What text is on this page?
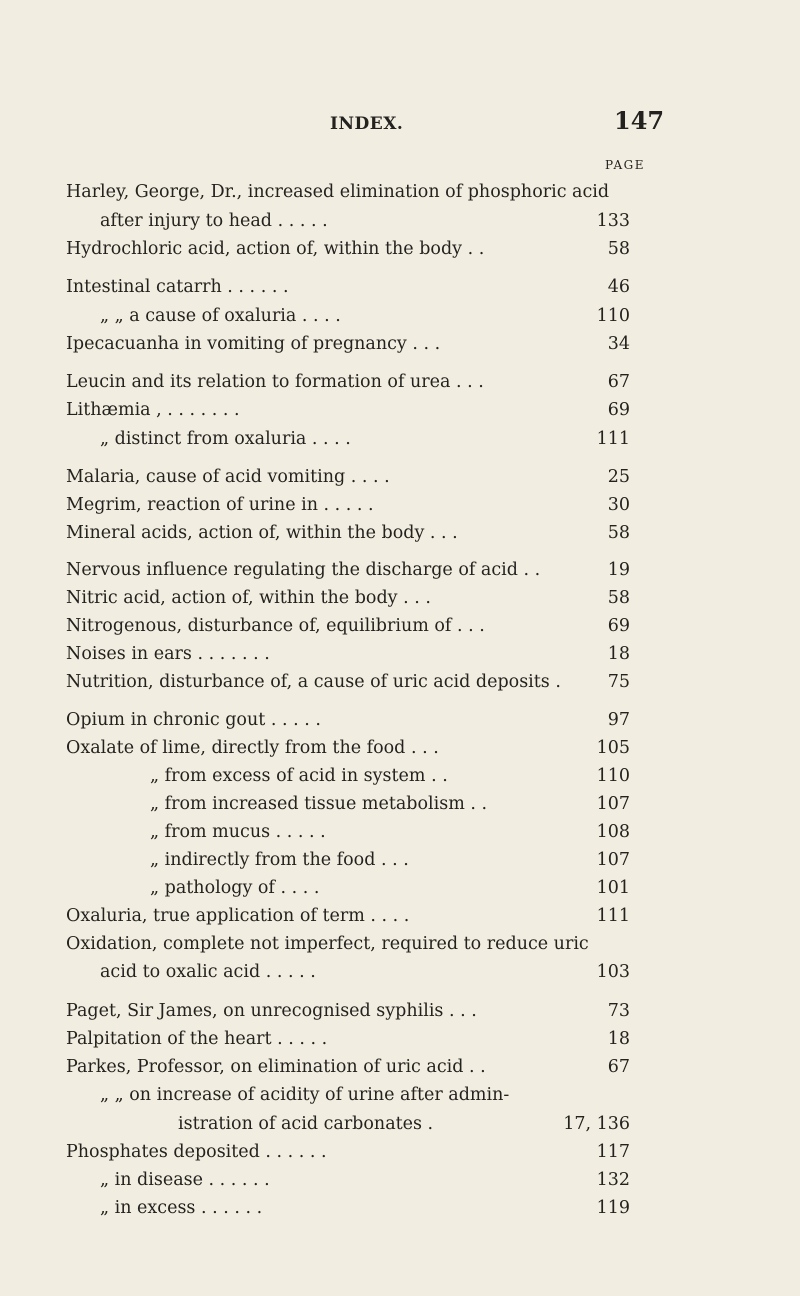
INDEX.	147
PAGE
Harley, George, Dr., increased elimination of phosphoric acid
after injury to head . . . . .	133
Hydrochloric acid, action of, within the body . .	58
Intestinal catarrh . . . . . .	46
„ „ a cause of oxaluria . . . .	110
Ipecacuanha in vomiting of pregnancy . . .	34
Leucin and its relation to formation of urea . . .	67
Lithæmia , . . . . . . .	69
„ distinct from oxaluria . . . .	111
Malaria, cause of acid vomiting . . . .	25
Megrim, reaction of urine in . . . . .	30
Mineral acids, action of, within the body . . .	58
Nervous influence regulating the discharge of acid . .	19
Nitric acid, action of, within the body . . .	58
Nitrogenous, disturbance of, equilibrium of . . .	69
Noises in ears . . . . . . .	18
Nutrition, disturbance of, a cause of uric acid deposits .	75
Opium in chronic gout . . . . .	97
Oxalate of lime, directly from the food . . .	105
„ from excess of acid in system . .	110
„ from increased tissue metabolism . .	107
„ from mucus . . . . .	108
„ indirectly from the food . . .	107
„ pathology of . . . .	101
Oxaluria, true application of term . . . .	111
Oxidation, complete not imperfect, required to reduce uric
acid to oxalic acid . . . . .	103
Paget, Sir James, on unrecognised syphilis . . .	73
Palpitation of the heart . . . . .	18
Parkes, Professor, on elimination of uric acid . .	67
„ „ on increase of acidity of urine after admin-
istration of acid carbonates .	17, 136
Phosphates deposited . . . . . .	117
„ in disease . . . . . .	132
„ in excess . . . . . .	119
